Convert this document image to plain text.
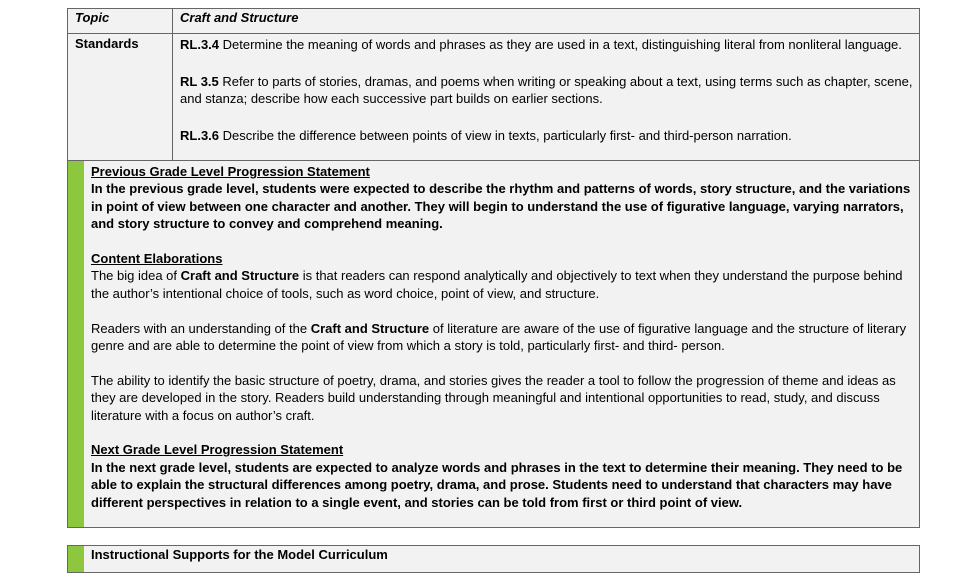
Topic	Craft and Structure
Standards	RL.3.4 Determine the meaning of words and phrases as they are used in a text, distinguishing literal from nonliteral language.

RL 3.5 Refer to parts of stories, dramas, and poems when writing or speaking about a text, using terms such as chapter, scene, and stanza; describe how each successive part builds on earlier sections.

RL.3.6 Describe the difference between points of view in texts, particularly first- and third-person narration.

Previous Grade Level Progression Statement

In the previous grade level, students were expected to describe the rhythm and patterns of words, story structure, and the variations in point of view between one character and another. They will begin to understand the use of figurative language, varying narrators, and story structure to convey and comprehend meaning.

Content Elaborations

The big idea of Craft and Structure is that readers can respond analytically and objectively to text when they understand the purpose behind the author’s intentional choice of tools, such as word choice, point of view, and structure.

Readers with an understanding of the Craft and Structure of literature are aware of the use of figurative language and the structure of literary genre and are able to determine the point of view from which a story is told, particularly first- and third- person.

The ability to identify the basic structure of poetry, drama, and stories gives the reader a tool to follow the progression of theme and ideas as they are developed in the story. Readers build understanding through meaningful and intentional opportunities to read, study, and discuss literature with a focus on author’s craft.

Next Grade Level Progression Statement

In the next grade level, students are expected to analyze words and phrases in the text to determine their meaning. They need to be able to explain the structural differences among poetry, drama, and prose. Students need to understand that characters may have different perspectives in relation to a single event, and stories can be told from first or third point of view.

Instructional Supports for the Model Curriculum
